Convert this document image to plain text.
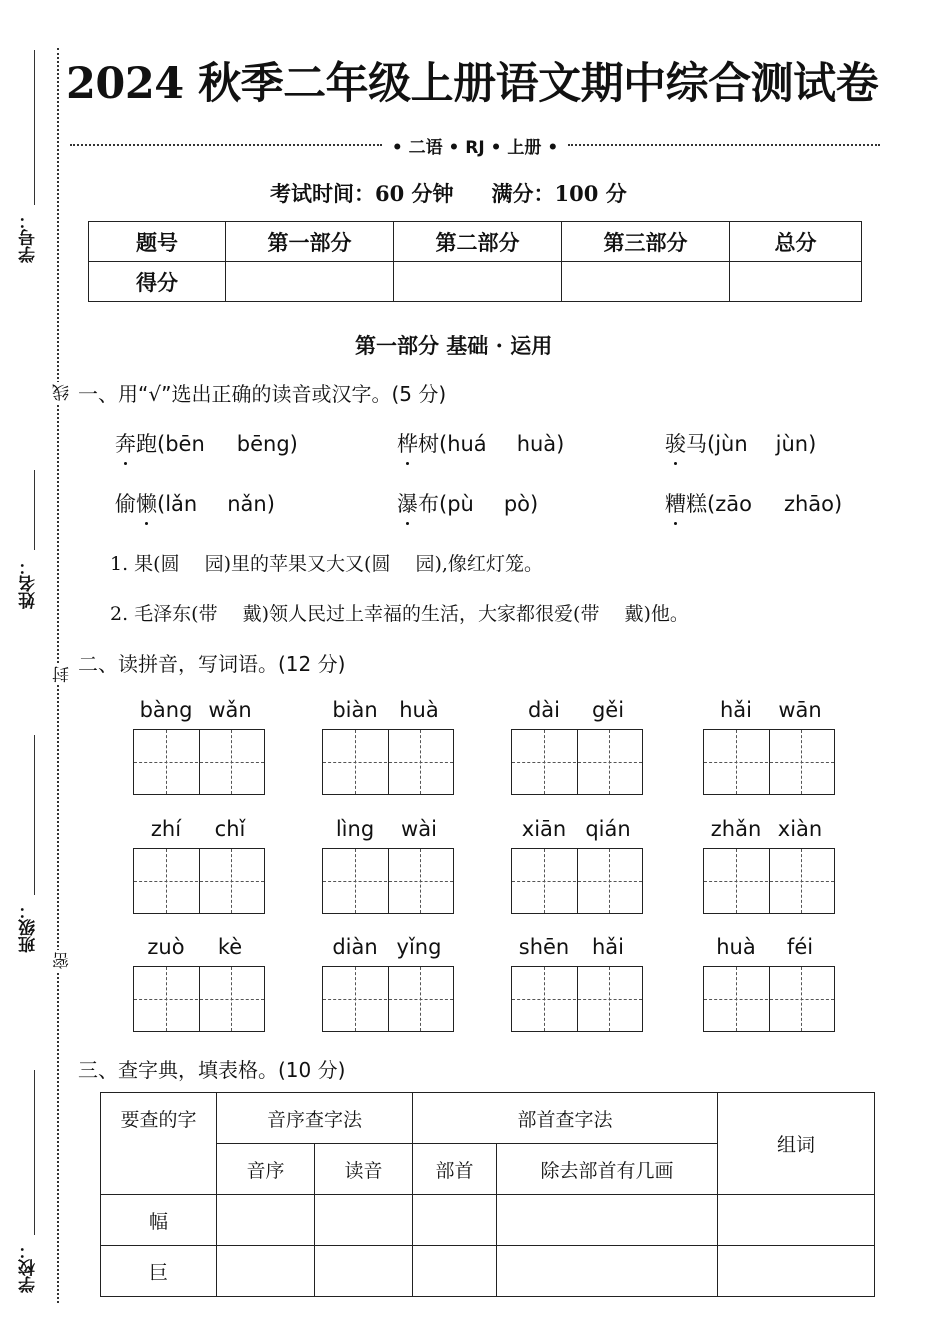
学号：
姓名：
班级：
学校：
线
封
密
2024 秋季二年级上册语文期中综合测试卷
• 二语 • RJ • 上册 •
考试时间：60 分钟 满分：100 分
题号	第一部分	第二部分	第三部分	总分
得分				
第一部分 基础 · 运用
一、用“√”选出正确的读音或汉字。(5 分)
奔跑(bēn bēng)	桦树(huá huà)	骏马(jùn jùn)
偷懒(lǎn nǎn)	瀑布(pù pò)	糟糕(zāo zhāo)
1. 果(圆　 园)里的苹果又大又(圆　 园),像红灯笼。
2. 毛泽东(带　 戴)领人民过上幸福的生活，大家都很爱(带　 戴)他。
二、读拼音，写词语。(12 分)
bàng wǎn	biàn huà	dài gěi	hǎi wān
zhí chǐ	lìng wài	xiān qián	zhǎn xiàn
zuò kè	diàn yǐng	shēn hǎi	huà féi
三、查字典，填表格。(10 分)
要查的字	音序查字法		部首查字法		组词
	音序	读音	部首	除去部首有几画	
幅					
巨					
